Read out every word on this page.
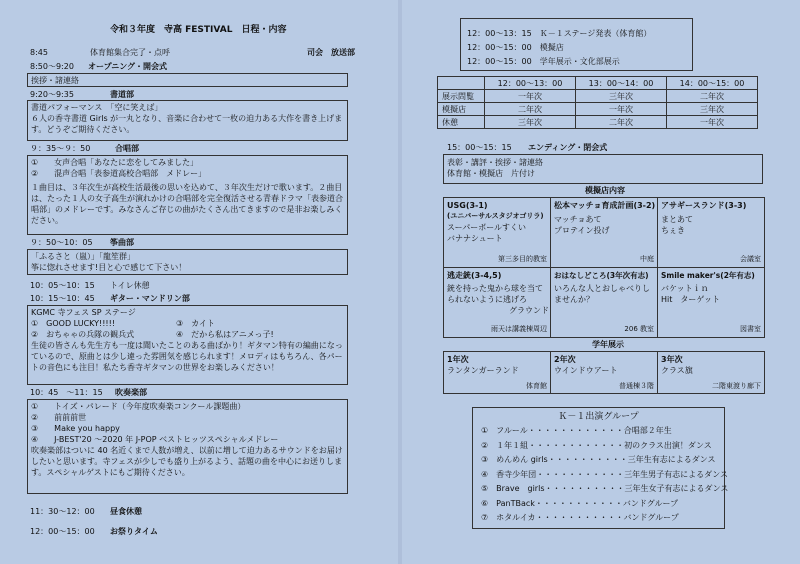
令和３年度　寺高 FESTIVAL　日程・内容
8:45	体育館集合完了・点呼	司会　放送部
8:50～9:20 オープニング・開会式
挨拶・諸連絡
9:20～9:35	書道部
書道パフォーマンス　「空に笑えば」
６人の香寺書道 Girls が一丸となり、音楽に合わせて一枚の迫力ある大作を書き上げます。どうぞご期待ください。
９：35～９：50	合唱部
①　　女声合唱「あなたに恋をしてみました」
②　　混声合唱「表参道高校合唱部　メドレー」
１曲目は、３年次生が高校生活最後の思いを込めて、３年次生だけで歌います。２曲目は、たった１人の女子高生が演れかけの合唱部を完全復活させる青春ドラマ「表参道合唱部」のメドレーです。みなさんご存じの曲がたくさん出てきますので是非お楽しみください。
９：50～10：05 筝曲部
「ふるさと（嵐）」「龍笙群」
筝に惚れさせます!目と心で感じて下さい！
10：05～10：15 トイレ休憩
10：15～10：45 ギター・マンドリン部
KGMC 寺フェス SP ステージ
①　GOOD LUCKY!!!!!	③　カイト
②　おちゃゃの兵隊の観兵式	④　だから私はアニメっ子!
生徒の皆さんも先生方も一度は聞いたことのある曲ばかり！ギタマン特有の編曲になっているので、原曲とは少し違った雰囲気を感じられます！メロディはもちろん、各パートの音色にも注目！私たち香寺ギタマンの世界をお楽しみください！
10：45　～11：15 吹奏楽部
①　　トイズ・パレード（今年度吹奏楽コンクール課題曲）
②　　前前前世
③　　Make you happy
④　　J-BEST'20 ～2020 年 J-POP ベストヒッツスペシャルメドレー
吹奏楽部はついに 40 名近くまで人数が増え、以前に増して迫力あるサウンドをお届けしたいと思います。寺フェスが少しでも盛り上がるよう、話題の曲を中心にお送りします。スペシャルゲストにもご期待ください。
11：30～12：00 昼食休憩
12：00～15：00 お祭りタイム
12：00～13：15　Ｋ－１ステージ発表（体育館）
12：00～15：00　模擬店
12：00～15：00　学年展示・文化部展示
	12：00～13：00	13：00～14：00	14：00～15：00
展示問覧	一年次	三年次	二年次
模擬店	二年次	一年次	三年次
休憩	三年次	二年次	一年次
15：00～15：15 エンディング・閉会式
表彰・講評・挨拶・諸連絡
体育館・模擬店　片付け
模擬店内容
USG(3-1)
(ユニバーサルスタジオゴリラ)
スーパーボールすくい
バナナシュート
第三多目的教室
松本マッチョ育成計画(3-2)
マッチョあて
プロテイン投げ
中庭
アサギースランド(3-3)
まとあて
ちぇき
会議室
逃走銃(3-4,5)
銃を持った鬼から球を当てられないように逃げろ
グラウンド
雨天は講義棟周辺
おはなしどころ(3年次有志)
いろんな人とおしゃべりしませんか？
206 教室
Smile maker's(2年有志)
バケットｉｎ
Hit　ターゲット
図書室
学年展示
1年次
ランタンガーランド
体育館
2年次
ウインドウアート
普通棟３階
3年次
クラス旗
二階東渡り廊下
Ｋ－１出演グループ
①　フルール・・・・・・・・・・・・合唱部２年生
②　１年１組・・・・・・・・・・・・初のクラス出演！ダンス
③　めんめん girls・・・・・・・・・・三年生有志によるダンス
④　香寺少年団・・・・・・・・・・・三年生男子有志によるダンス
⑤　Brave　girls・・・・・・・・・・三年生女子有志によるダンス
⑥　PanTBack・・・・・・・・・・・バンドグループ
⑦　ホタルイカ・・・・・・・・・・・バンドグループ
